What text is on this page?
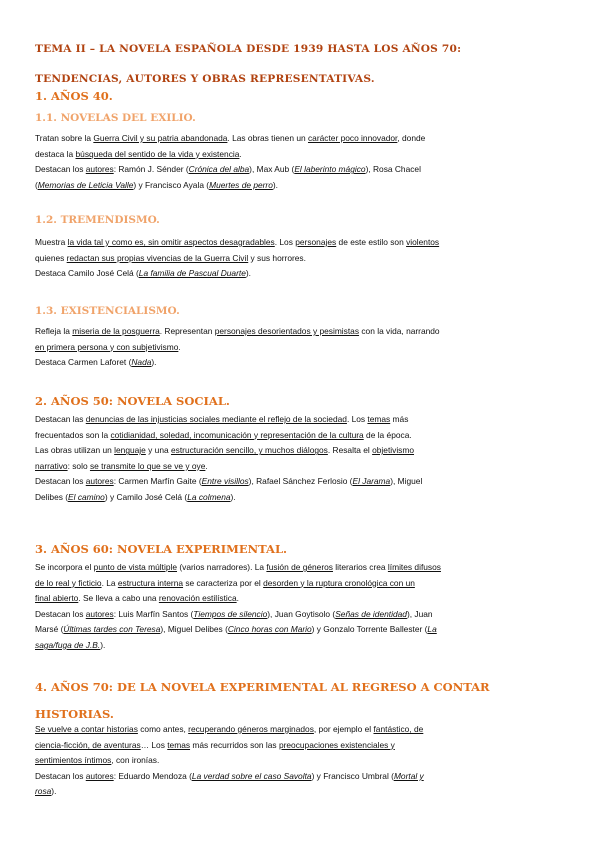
TEMA II – LA NOVELA ESPAÑOLA DESDE 1939 HASTA LOS AÑOS 70:
TENDENCIAS, AUTORES Y OBRAS REPRESENTATIVAS.
1. AÑOS 40.
1.1. NOVELAS DEL EXILIO.
Tratan sobre la Guerra Civil y su patria abandonada. Las obras tienen un carácter poco innovador, donde
destaca la búsqueda del sentido de la vida y existencia.
Destacan los autores: Ramón J. Sénder (Crónica del alba), Max Aub (El laberinto mágico), Rosa Chacel
(Memorias de Leticia Valle) y Francisco Ayala (Muertes de perro).
1.2. TREMENDISMO.
Muestra la vida tal y como es, sin omitir aspectos desagradables. Los personajes de este estilo son violentos
quienes redactan sus propias vivencias de la Guerra Civil y sus horrores.
Destaca Camilo José Celá (La familia de Pascual Duarte).
1.3. EXISTENCIALISMO.
Refleja la miseria de la posguerra. Representan personajes desorientados y pesimistas con la vida, narrando
en primera persona y con subjetivismo.
Destaca Carmen Laforet (Nada).
2. AÑOS 50: NOVELA SOCIAL.
Destacan las denuncias de las injusticias sociales mediante el reflejo de la sociedad. Los temas más
frecuentados son la cotidianidad, soledad, incomunicación y representación de la cultura de la época.
Las obras utilizan un lenguaje y una estructuración sencillo, y muchos diálogos. Resalta el objetivismo
narrativo: solo se transmite lo que se ve y oye.
Destacan los autores: Carmen Marfín Gaite (Entre visillos), Rafael Sánchez Ferlosio (El Jarama), Miguel
Delibes (El camino) y Camilo José Celá (La colmena).
3. AÑOS 60: NOVELA EXPERIMENTAL.
Se incorpora el punto de vista múltiple (varios narradores). La fusión de géneros literarios crea límites difusos
de lo real y ficticio. La estructura interna se caracteriza por el desorden y la ruptura cronológica con un
final abierto. Se lleva a cabo una renovación estilística.
Destacan los autores: Luis Marfín Santos (Tiempos de silencio), Juan Goytisolo (Señas de identidad), Juan
Marsé (Últimas tardes con Teresa), Miguel Delibes (Cinco horas con Mario) y Gonzalo Torrente Ballester (La
saga/fuga de J.B.).
4. AÑOS 70: DE LA NOVELA EXPERIMENTAL AL REGRESO A CONTAR HISTORIAS.
Se vuelve a contar historias como antes, recuperando géneros marginados, por ejemplo el fantástico, de
ciencia-ficción, de aventuras… Los temas más recurridos son las preocupaciones existenciales y
sentimientos íntimos, con ironías.
Destacan los autores: Eduardo Mendoza (La verdad sobre el caso Savolta) y Francisco Umbral (Mortal y
rosa).
